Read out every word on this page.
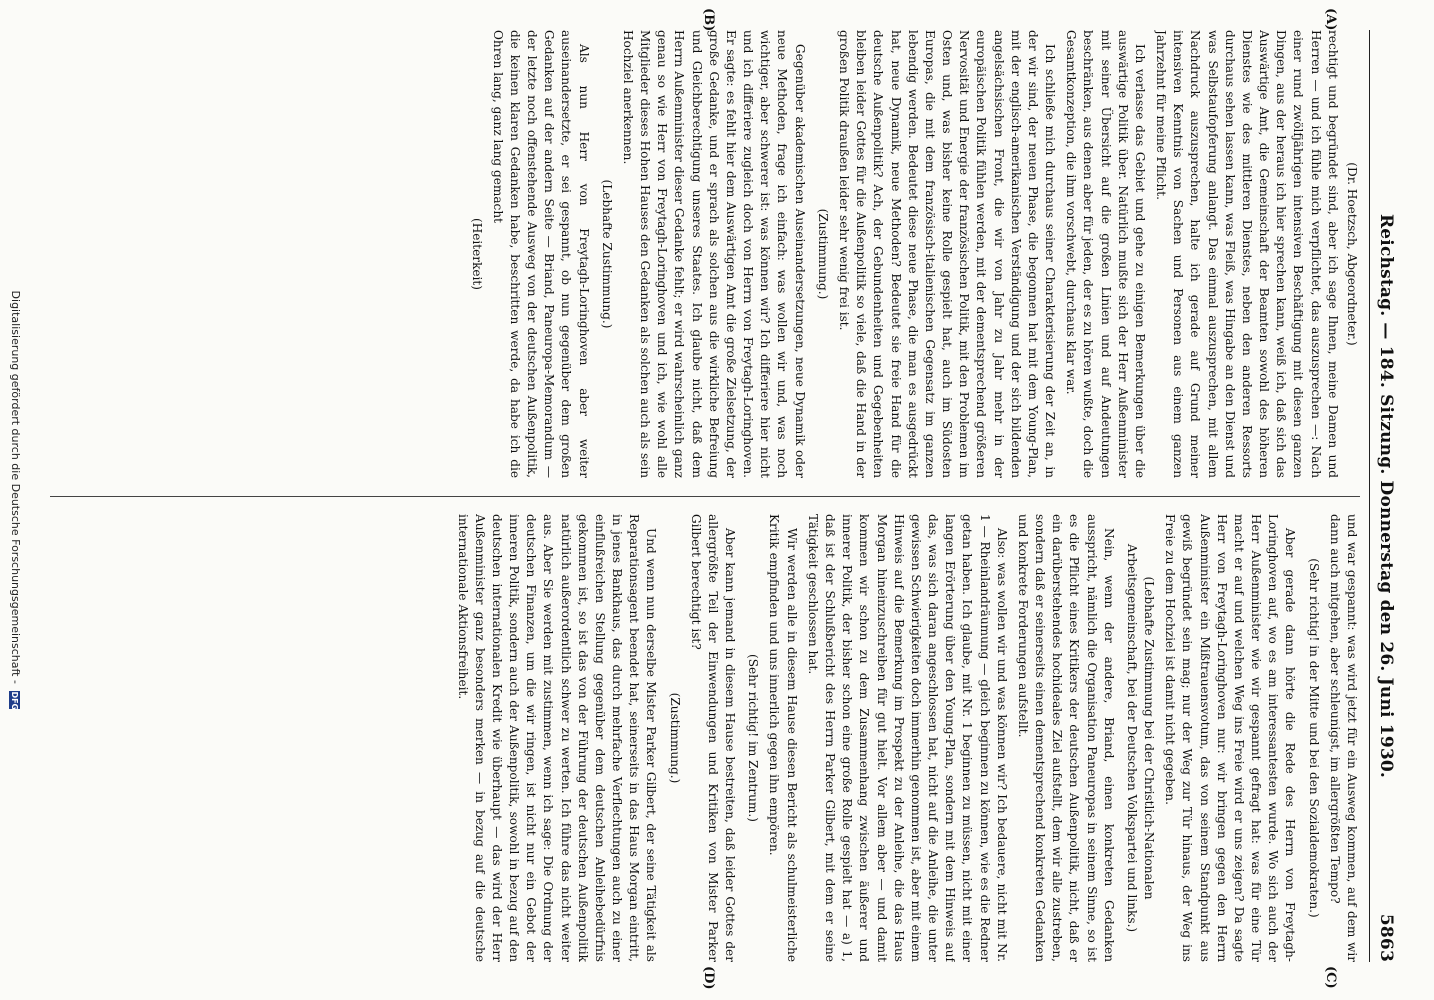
Reichstag. — 184. Sitzung. Donnerstag den 26. Juni 1930.
5863
(A)
(B)
(C)
(D)

(Dr. Hoetzsch, Abgeordneter.)

rechtigt und begründet sind, aber ich sage Ihnen, meine Damen und Herren — und ich fühle mich verpflichtet, das auszusprechen —: Nach einer rund zwölfjährigen intensiven Beschäftigung mit diesen ganzen Dingen, aus der heraus ich hier sprechen kann, weiß ich, daß sich das Auswärtige Amt, die Gemeinschaft der Beamten sowohl des höheren Dienstes wie des mittleren Dienstes, neben den anderen Ressorts durchaus sehen lassen kann, was Fleiß, was Hingabe an den Dienst und was Selbstaufopferung anlangt. Das einmal auszusprechen, mit allem Nachdruck auszusprechen, halte ich gerade auf Grund meiner intensiven Kenntnis von Sachen und Personen aus einem ganzen Jahrzehnt für meine Pflicht.

Ich verlasse das Gebiet und gehe zu einigen Bemerkungen über die auswärtige Politik über. Natürlich mußte sich der Herr Außenminister mit seiner Übersicht auf die großen Linien und auf Andeutungen beschränken, aus denen aber für jeden, der es zu hören wußte, doch die Gesamtkonzeption, die ihm vorschwebt, durchaus klar war.

Ich schließe mich durchaus seiner Charakterisierung der Zeit an, in der wir sind, der neuen Phase, die begonnen hat mit dem Young-Plan, mit der englisch-amerikanischen Verständigung und der sich bildenden angelsächsischen Front, die wir von Jahr zu Jahr mehr in der europäischen Politik fühlen werden, mit der dementsprechend größeren Nervosität und Energie der französischen Politik, mit den Problemen im Osten und, was bisher keine Rolle gespielt hat, auch im Südosten Europas, die mit dem französisch-italienischen Gegensatz im ganzen lebendig werden. Bedeutet diese neue Phase, die man es ausgedrückt hat, neue Dynamik, neue Methoden? Bedeutet sie freie Hand für die deutsche Außenpolitik? Ach, der Gebundenheiten und Gegebenheiten bleiben leider Gottes für die Außenpolitik so viele, daß die Hand in der großen Politik draußen leider sehr wenig frei ist.

(Zustimmung.)

Gegenüber akademischen Auseinandersetzungen, neue Dynamik oder neue Methoden, frage ich einfach: was wollen wir und, was noch wichtiger, aber schwerer ist: was können wir? Ich differiere hier nicht und ich differiere zugleich doch von Herrn von Freytagh-Loringhoven. Er sagte: es fehlt hier dem Auswärtigen Amt die große Zielsetzung, der große Gedanke, und er sprach als solchen aus die wirkliche Befreiung und Gleichberechtigung unseres Staates. Ich glaube nicht, daß dem Herrn Außenminister dieser Gedanke fehlt; er wird wahrscheinlich ganz genau so wie Herr von Freytagh-Loringhoven und ich, wie wohl alle Mitglieder dieses Hohen Hauses den Gedanken als solchen auch als sein Hochziel anerkennen.

(Lebhafte Zustimmung.)

Als nun Herr von Freytagh-Loringhoven aber weiter auseinandersetzte, er sei gespannt, ob nun gegenüber dem großen Gedanken auf der andern Seite — Briand, Paneuropa-Memorandum — der letzte noch offenstehende Ausweg von der deutschen Außenpolitik, die keinen klaren Gedanken habe, beschritten werde, da habe ich die Ohren lang, ganz lang gemacht

(Heiterkeit)

und war gespannt: was wird jetzt für ein Ausweg kommen, auf dem wir dann auch mitgehen, aber schleunigst, im allergrößten Tempo?

(Sehr richtig! in der Mitte und bei den Sozialdemokraten.)

Aber gerade dann hörte die Rede des Herrn von Freytagh-Loringhoven auf, wo es am interessantesten wurde. Wo sich auch der Herr Außenminister wie wir gespannt gefragt hat: was für eine Tür macht er auf und welchen Weg ins Freie wird er uns zeigen? Da sagte Herr von Freytagh-Loringhoven nur: wir bringen gegen den Herrn Außenminister ein Mißtrauensvotum, das von seinem Standpunkt aus gewiß begründet sein mag; nur der Weg zur Tür hinaus, der Weg ins Freie zu dem Hochziel ist damit nicht gegeben.

(Lebhafte Zustimmung bei der Christlich-Nationalen Arbeitsgemeinschaft, bei der Deutschen Volkspartei und links.)

Nein, wenn der andere, Briand, einen konkreten Gedanken ausspricht, nämlich die Organisation Paneuropas in seinem Sinne, so ist es die Pflicht eines Kritikers der deutschen Außenpolitik, nicht, daß er ein darüberstehendes hochideales Ziel aufstellt, dem wir alle zustreben, sondern daß er seinerseits einen dementsprechend konkreten Gedanken und konkrete Forderungen aufstellt.

Also: was wollen wir und was können wir? Ich bedauere, nicht mit Nr. 1 — Rheinlandräumung — gleich beginnen zu können, wie es die Redner getan haben. Ich glaube, mit Nr. 1 beginnen zu müssen, nicht mit einer langen Erörterung über den Young-Plan, sondern mit dem Hinweis auf das, was sich daran angeschlossen hat, nicht auf die Anleihe, die unter gewissen Schwierigkeiten doch immerhin genommen ist, aber mit einem Hinweis auf die Bemerkung im Prospekt zu der Anleihe, die das Haus Morgan hineinzuschreiben für gut hielt. Vor allem aber — und damit kommen wir schon zu dem Zusammenhang zwischen äußerer und innerer Politik, der bisher schon eine große Rolle gespielt hat — a) 1, daß ist der Schlußbericht des Herrn Parker Gilbert, mit dem er seine Tätigkeit geschlossen hat.

Wir werden alle in diesem Hause diesen Bericht als schulmeisterliche Kritik empfinden und uns innerlich gegen ihn empören.

(Sehr richtig! im Zentrum.)

Aber kann jemand in diesem Hause bestreiten, daß leider Gottes der allergrößte Teil der Einwendungen und Kritiken von Mister Parker Gilbert berechtigt ist?

(Zustimmung.)

Und wenn nun derselbe Mister Parker Gilbert, der seine Tätigkeit als Reparationsagent beendet hat, seinerseits in das Haus Morgan eintritt, in jenes Bankhaus, das durch mehrfache Verflechtungen auch zu einer einflußreichen Stellung gegenüber dem deutschen Anleihebedürfnis gekommen ist, so ist das von der Führung der deutschen Außenpolitik natürlich außerordentlich schwer zu werten. Ich führe das nicht weiter aus. Aber Sie werden mit zustimmen, wenn ich sage: Die Ordnung der deutschen Finanzen, um die wir ringen, ist nicht nur ein Gebot der inneren Politik, sondern auch der Außenpolitik, sowohl in bezug auf den deutschen internationalen Kredit wie überhaupt — das wird der Herr Außenminister ganz besonders merken — in bezug auf die deutsche internationale Aktionsfreiheit.

Digitalisierung gefördert durch die Deutsche Forschungsgemeinschaft - DFG
